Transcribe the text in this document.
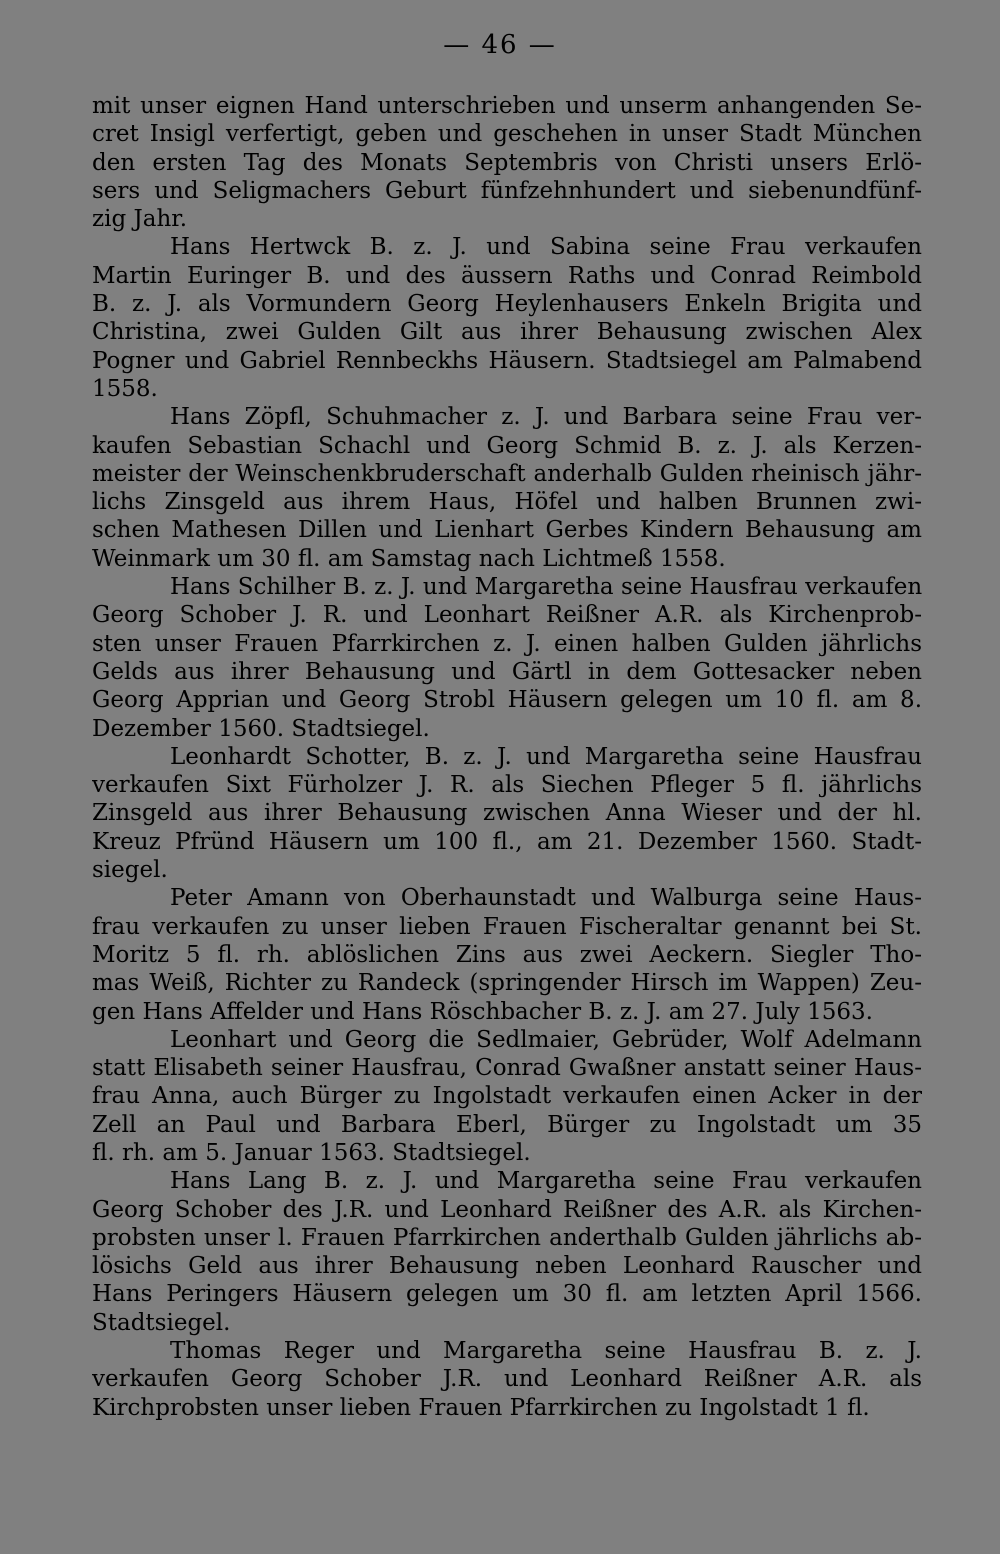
— 46 —
mit unser eignen Hand unterschrieben und unserm anhangenden Se-
cret Insigl verfertigt, geben und geschehen in unser Stadt München
den ersten Tag des Monats Septembris von Christi unsers Erlö-
sers und Seligmachers Geburt fünfzehnhundert und siebenundfünf-
zig Jahr.
Hans Hertwck B. z. J. und Sabina seine Frau verkaufen
Martin Euringer B. und des äussern Raths und Conrad Reimbold
B. z. J. als Vormundern Georg Heylenhausers Enkeln Brigita und
Christina, zwei Gulden Gilt aus ihrer Behausung zwischen Alex
Pogner und Gabriel Rennbeckhs Häusern. Stadtsiegel am Palmabend
1558.
Hans Zöpfl, Schuhmacher z. J. und Barbara seine Frau ver-
kaufen Sebastian Schachl und Georg Schmid B. z. J. als Kerzen-
meister der Weinschenkbruderschaft anderhalb Gulden rheinisch jähr-
lichs Zinsgeld aus ihrem Haus, Höfel und halben Brunnen zwi-
schen Mathesen Dillen und Lienhart Gerbes Kindern Behausung am
Weinmark um 30 fl. am Samstag nach Lichtmeß 1558.
Hans Schilher B. z. J. und Margaretha seine Hausfrau verkaufen
Georg Schober J. R. und Leonhart Reißner A.R. als Kirchenprob-
sten unser Frauen Pfarrkirchen z. J. einen halben Gulden jährlichs
Gelds aus ihrer Behausung und Gärtl in dem Gottesacker neben
Georg Apprian und Georg Strobl Häusern gelegen um 10 fl. am 8.
Dezember 1560. Stadtsiegel.
Leonhardt Schotter, B. z. J. und Margaretha seine Hausfrau
verkaufen Sixt Fürholzer J. R. als Siechen Pfleger 5 fl. jährlichs
Zinsgeld aus ihrer Behausung zwischen Anna Wieser und der hl.
Kreuz Pfründ Häusern um 100 fl., am 21. Dezember 1560. Stadt-
siegel.
Peter Amann von Oberhaunstadt und Walburga seine Haus-
frau verkaufen zu unser lieben Frauen Fischeraltar genannt bei St.
Moritz 5 fl. rh. ablöslichen Zins aus zwei Aeckern. Siegler Tho-
mas Weiß, Richter zu Randeck (springender Hirsch im Wappen) Zeu-
gen Hans Affelder und Hans Röschbacher B. z. J. am 27. July 1563.
Leonhart und Georg die Sedlmaier, Gebrüder, Wolf Adelmann
statt Elisabeth seiner Hausfrau, Conrad Gwaßner anstatt seiner Haus-
frau Anna, auch Bürger zu Ingolstadt verkaufen einen Acker in der
Zell an Paul und Barbara Eberl, Bürger zu Ingolstadt um 35
fl. rh. am 5. Januar 1563. Stadtsiegel.
Hans Lang B. z. J. und Margaretha seine Frau verkaufen
Georg Schober des J.R. und Leonhard Reißner des A.R. als Kirchen-
probsten unser l. Frauen Pfarrkirchen anderthalb Gulden jährlichs ab-
lösichs Geld aus ihrer Behausung neben Leonhard Rauscher und
Hans Peringers Häusern gelegen um 30 fl. am letzten April 1566.
Stadtsiegel.
Thomas Reger und Margaretha seine Hausfrau B. z. J.
verkaufen Georg Schober J.R. und Leonhard Reißner A.R. als
Kirchprobsten unser lieben Frauen Pfarrkirchen zu Ingolstadt 1 fl.
